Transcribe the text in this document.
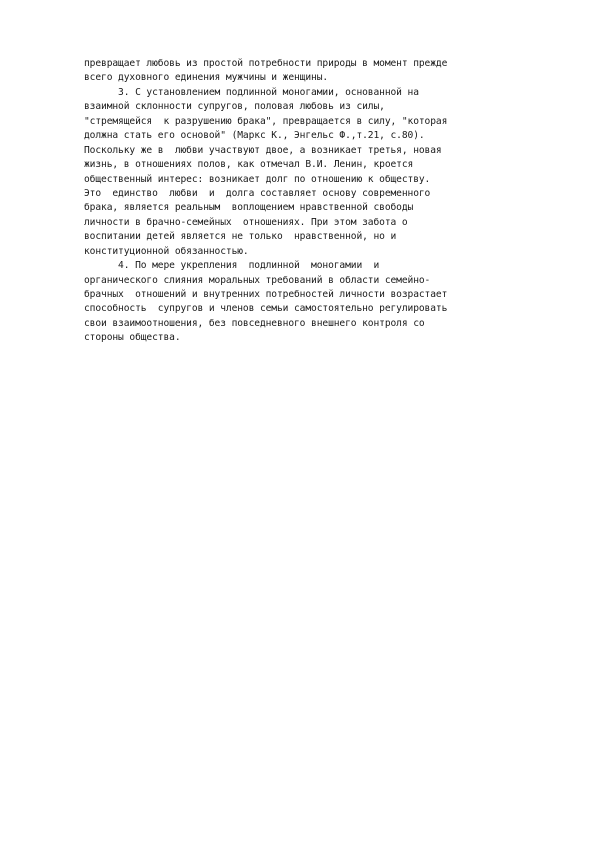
превращает любовь из простой потребности природы в момент прежде
всего духовного единения мужчины и женщины.
3. С установлением подлинной моногамии, основанной на
взаимной склонности супругов, половая любовь из силы,
"стремящейся  к разрушению брака", превращается в силу, "которая
должна стать его основой" (Маркс К., Энгельс Ф.,т.21, с.80).
Поскольку же в  любви участвуют двое, а возникает третья, новая
жизнь, в отношениях полов, как отмечал В.И. Ленин, кроется
общественный интерес: возникает долг по отношению к обществу.
Это  единство  любви  и  долга составляет основу современного
брака, является реальным  воплощением нравственной свободы
личности в брачно-семейных  отношениях. При этом забота о
воспитании детей является не только  нравственной, но и
конституционной обязанностью.
4. По мере укрепления  подлинной  моногамии  и
органического слияния моральных требований в области семейно-
брачных  отношений и внутренних потребностей личности возрастает
способность  супругов и членов семьи самостоятельно регулировать
свои взаимоотношения, без повседневного внешнего контроля со
стороны общества.
